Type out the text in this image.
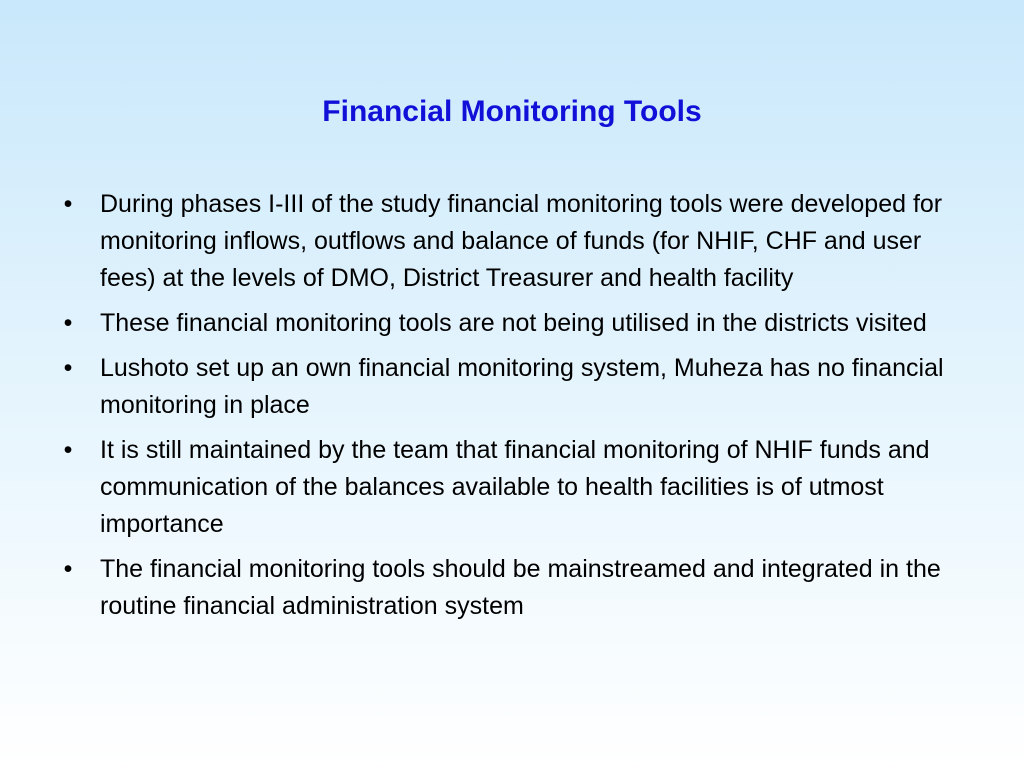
Financial Monitoring Tools
• During phases I-III of the study financial monitoring tools were developed for monitoring inflows, outflows and balance of funds (for NHIF, CHF and user fees) at the levels of DMO, District Treasurer and health facility
• These financial monitoring tools are not being utilised in the districts visited
• Lushoto set up an own financial monitoring system, Muheza has no financial monitoring in place
• It is still maintained by the team that financial monitoring of NHIF funds and communication of the balances available to health facilities is of utmost importance
• The financial monitoring tools should be mainstreamed and integrated in the routine financial administration system
